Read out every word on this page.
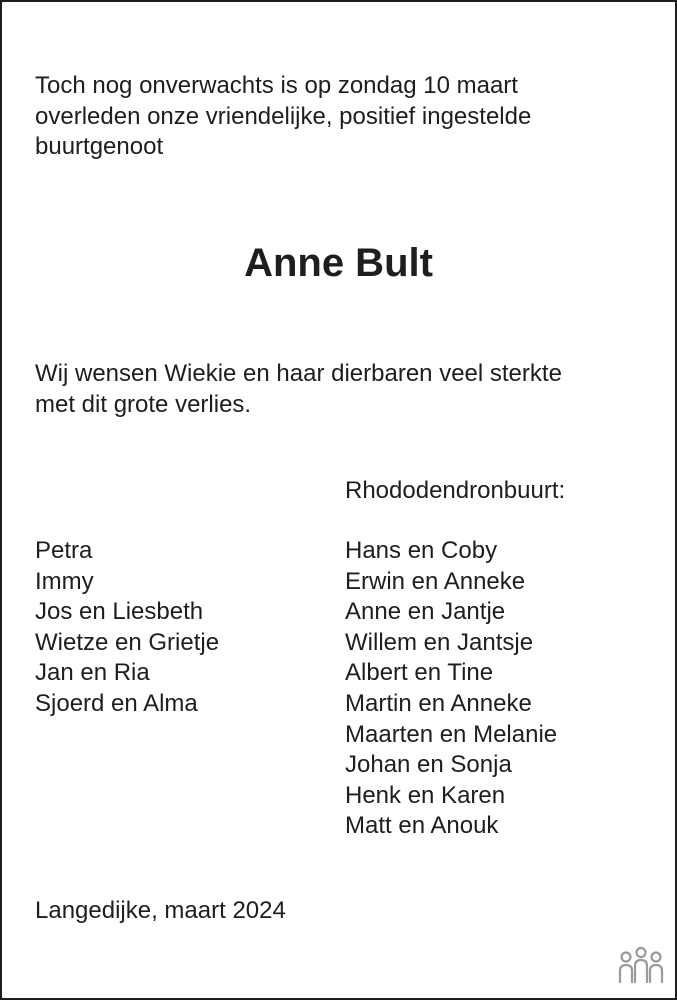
Toch nog onverwachts is op zondag 10 maart
overleden onze vriendelijke, positief ingestelde
buurtgenoot

Anne Bult

Wij wensen Wiekie en haar dierbaren veel sterkte
met dit grote verlies.

Rhododendronbuurt:

Petra
Immy
Jos en Liesbeth
Wietze en Grietje
Jan en Ria
Sjoerd en Alma
Hans en Coby
Erwin en Anneke
Anne en Jantje
Willem en Jantsje
Albert en Tine
Martin en Anneke
Maarten en Melanie
Johan en Sonja
Henk en Karen
Matt en Anouk

Langedijke, maart 2024
